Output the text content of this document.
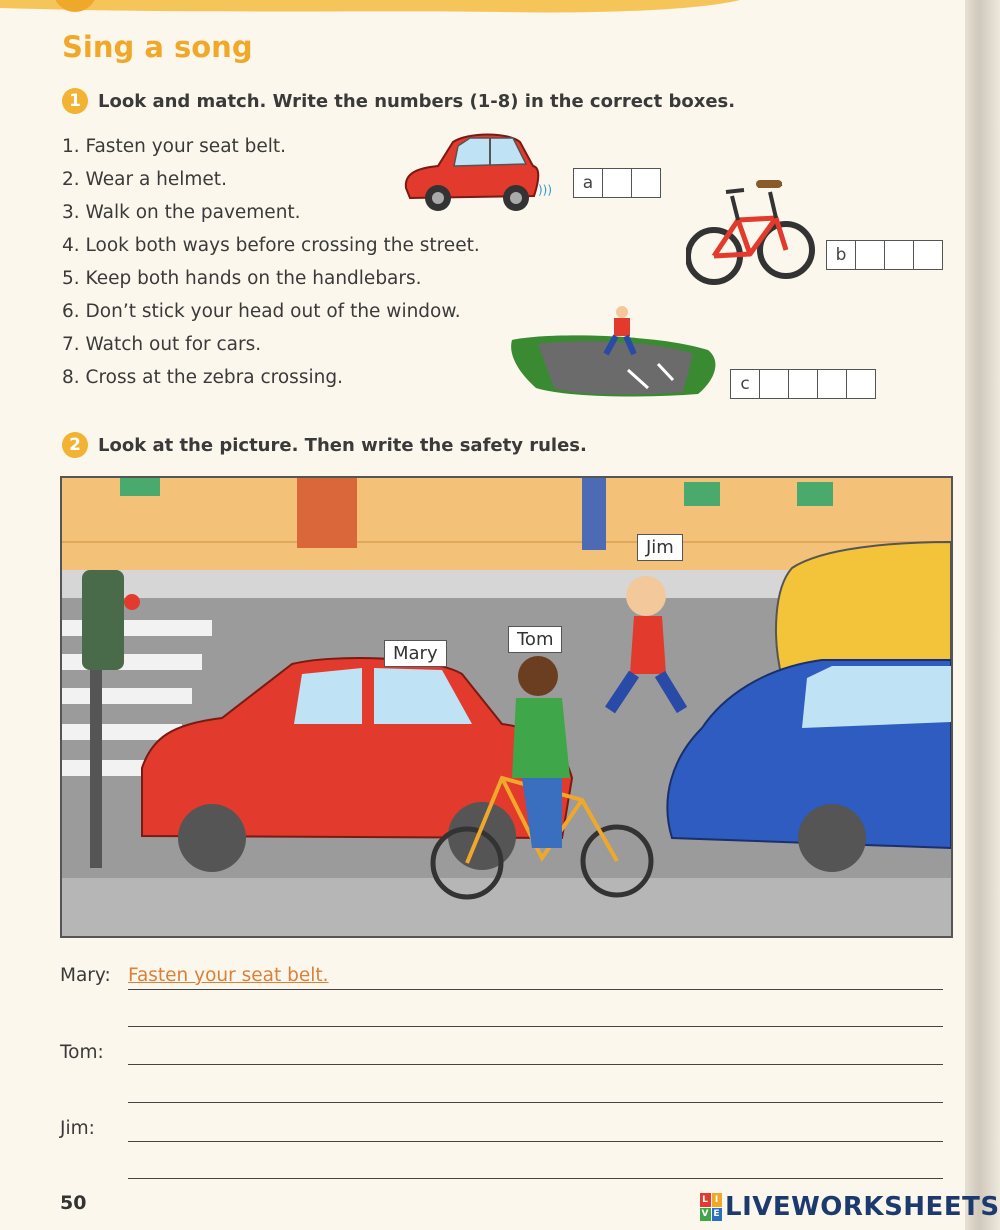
Sing a song
1 Look and match. Write the numbers (1-8) in the correct boxes.
1. Fasten your seat belt.
2. Wear a helmet.
3. Walk on the pavement.
4. Look both ways before crossing the street.
5. Keep both hands on the handlebars.
6. Don’t stick your head out of the window.
7. Watch out for cars.
8. Cross at the zebra crossing.
)))	a
b
c
2 Look at the picture. Then write the safety rules.
Jim
Mary
Tom
Mary: Fasten your seat belt.
Tom:
Jim:
50	L I
V E LIVEWORKSHEETS
